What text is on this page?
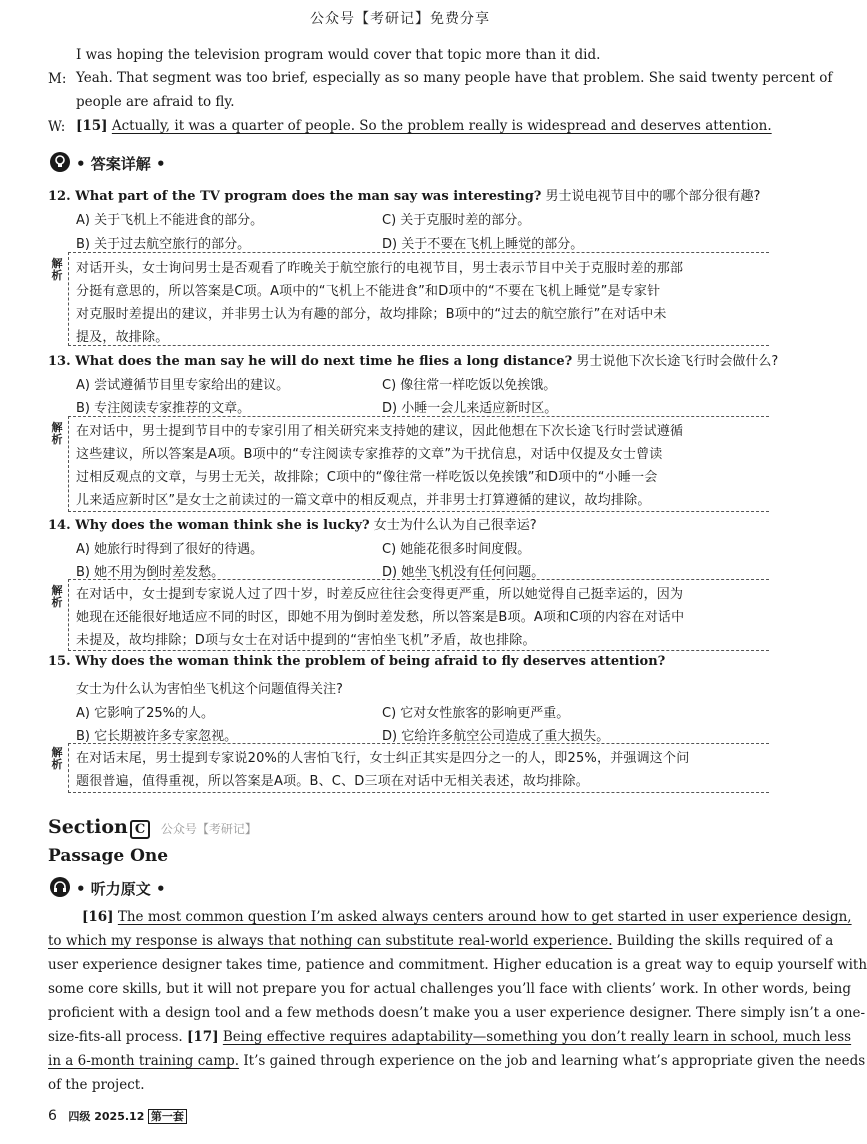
公众号【考研记】免费分享
I was hoping the television program would cover that topic more than it did.
M: Yeah. That segment was too brief, especially as so many people have that problem. She said twenty percent of
people are afraid to fly.
W: [15] Actually, it was a quarter of people. So the problem really is widespread and deserves attention.
• 答案详解 •
12. What part of the TV program does the man say was interesting? 男士说电视节目中的哪个部分很有趣?
A) 关于飞机上不能进食的部分。	C) 关于克服时差的部分。
B) 关于过去航空旅行的部分。	D) 关于不要在飞机上睡觉的部分。
解
析 对话开头，女士询问男士是否观看了昨晚关于航空旅行的电视节目，男士表示节目中关于克服时差的那部
分挺有意思的，所以答案是C项。A项中的“飞机上不能进食”和D项中的“不要在飞机上睡觉”是专家针
对克服时差提出的建议，并非男士认为有趣的部分，故均排除；B项中的“过去的航空旅行”在对话中未
提及，故排除。
13. What does the man say he will do next time he flies a long distance? 男士说他下次长途飞行时会做什么?
A) 尝试遵循节目里专家给出的建议。	C) 像往常一样吃饭以免挨饿。
B) 专注阅读专家推荐的文章。	D) 小睡一会儿来适应新时区。
解
析
在对话中，男士提到节目中的专家引用了相关研究来支持她的建议，因此他想在下次长途飞行时尝试遵循
这些建议，所以答案是A项。B项中的“专注阅读专家推荐的文章”为干扰信息，对话中仅提及女士曾读
过相反观点的文章，与男士无关，故排除；C项中的“像往常一样吃饭以免挨饿”和D项中的“小睡一会
儿来适应新时区”是女士之前读过的一篇文章中的相反观点，并非男士打算遵循的建议，故均排除。
14. Why does the woman think she is lucky? 女士为什么认为自己很幸运?
A) 她旅行时得到了很好的待遇。	C) 她能花很多时间度假。
B) 她不用为倒时差发愁。	D) 她坐飞机没有任何问题。
解
析
在对话中，女士提到专家说人过了四十岁，时差反应往往会变得更严重，所以她觉得自己挺幸运的，因为
她现在还能很好地适应不同的时区，即她不用为倒时差发愁，所以答案是B项。A项和C项的内容在对话中
未提及，故均排除；D项与女士在对话中提到的“害怕坐飞机”矛盾，故也排除。
15. Why does the woman think the problem of being afraid to fly deserves attention?
女士为什么认为害怕坐飞机这个问题值得关注?
A) 它影响了25%的人。	C) 它对女性旅客的影响更严重。
B) 它长期被许多专家忽视。	D) 它给许多航空公司造成了重大损失。
解
析 在对话末尾，男士提到专家说20%的人害怕飞行，女士纠正其实是四分之一的人，即25%，并强调这个问
题很普遍，值得重视，所以答案是A项。B、C、D三项在对话中无相关表述，故均排除。
Section C 公众号【考研记】
Passage One
• 听力原文 •
[16] The most common question I’m asked always centers around how to get started in user experience design,
to which my response is always that nothing can substitute real-world experience. Building the skills required of a
user experience designer takes time, patience and commitment. Higher education is a great way to equip yourself with
some core skills, but it will not prepare you for actual challenges you’ll face with clients’ work. In other words, being
proficient with a design tool and a few methods doesn’t make you a user experience designer. There simply isn’t a one-
size-fits-all process. [17] Being effective requires adaptability—something you don’t really learn in school, much less
in a 6-month training camp. It’s gained through experience on the job and learning what’s appropriate given the needs
of the project.
6 四级 2025.12 第一套
